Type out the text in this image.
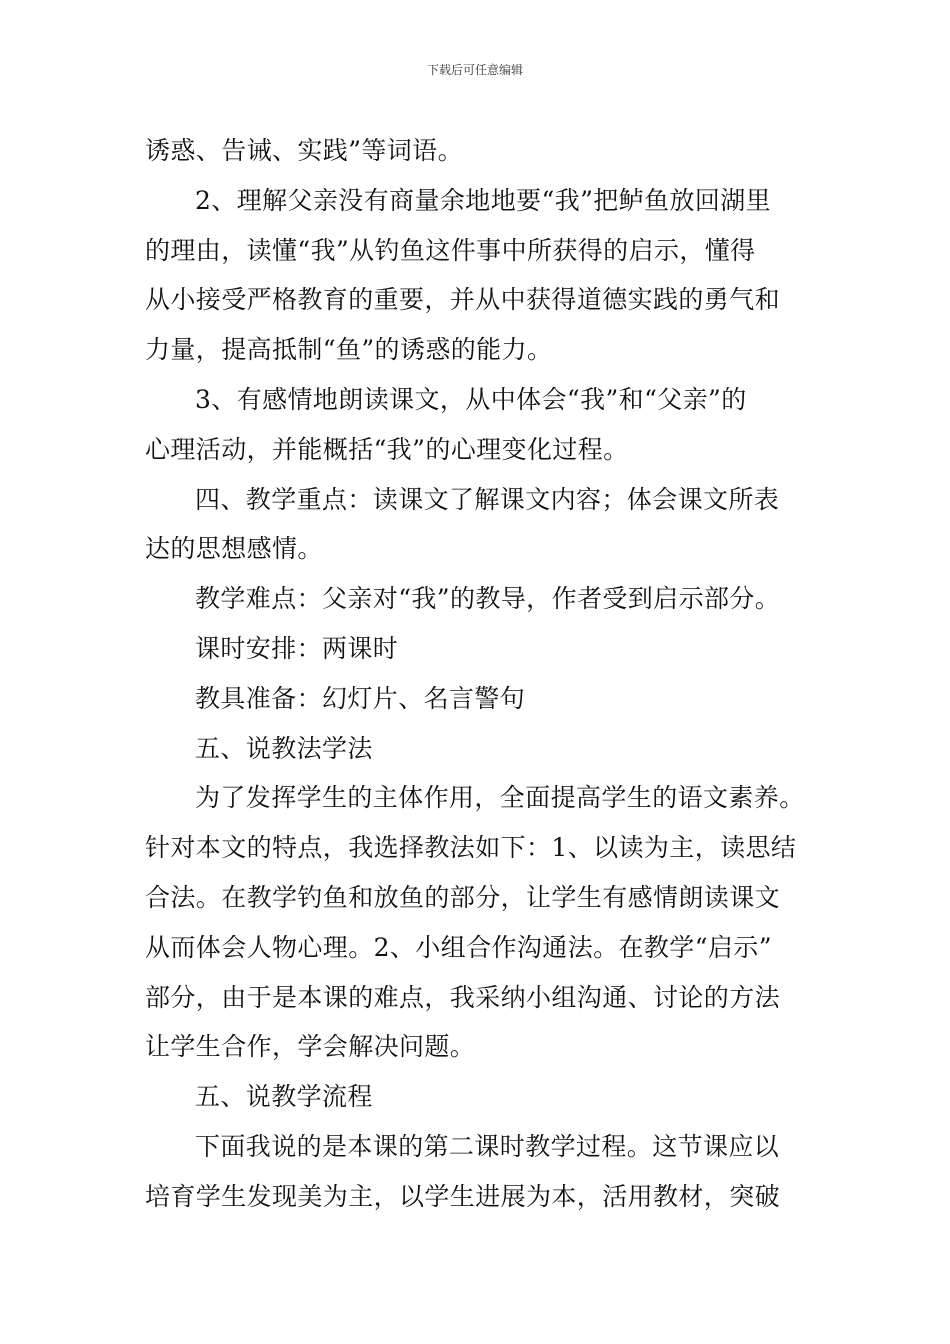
下载后可任意编辑
诱惑、告诫、实践”等词语。
2、理解父亲没有商量余地地要“我”把鲈鱼放回湖里
的理由，读懂“我”从钓鱼这件事中所获得的启示，懂得
从小接受严格教育的重要，并从中获得道德实践的勇气和
力量，提高抵制“鱼”的诱惑的能力。
3、有感情地朗读课文，从中体会“我”和“父亲”的
心理活动，并能概括“我”的心理变化过程。
四、教学重点：读课文了解课文内容；体会课文所表
达的思想感情。
教学难点：父亲对“我”的教导，作者受到启示部分。
课时安排：两课时
教具准备：幻灯片、名言警句
五、说教法学法
为了发挥学生的主体作用，全面提高学生的语文素养。
针对本文的特点，我选择教法如下：1、以读为主，读思结
合法。在教学钓鱼和放鱼的部分，让学生有感情朗读课文
从而体会人物心理。2、小组合作沟通法。在教学“启示”
部分，由于是本课的难点，我采纳小组沟通、讨论的方法
让学生合作，学会解决问题。
五、说教学流程
下面我说的是本课的第二课时教学过程。这节课应以
培育学生发现美为主，以学生进展为本，活用教材，突破
